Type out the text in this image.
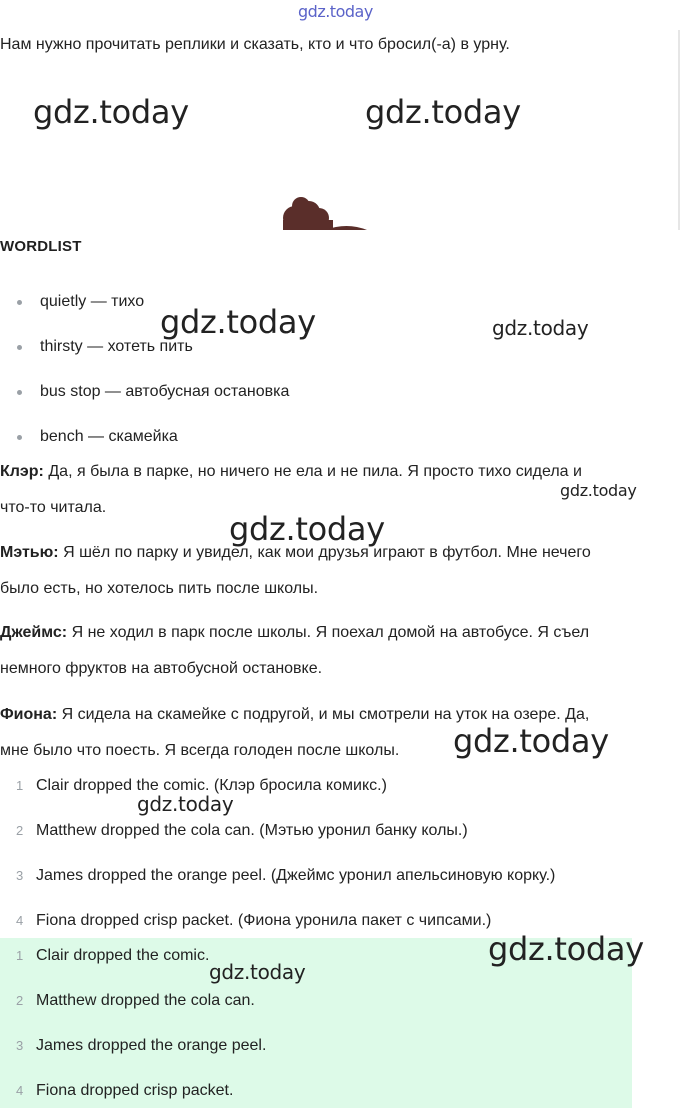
gdz.today
Нам нужно прочитать реплики и сказать, кто и что бросил(-а) в урну.
gdz.today	gdz.today
WORDLIST
quietly — тихо
thirsty — хотеть пить
bus stop — автобусная остановка
bench — скамейка
gdz.today	gdz.today
Клэр: Да, я была в парке, но ничего не ела и не пила. Я просто тихо сидела и
что-то читала.
gdz.today
gdz.today
Мэтью: Я шёл по парку и увидел, как мои друзья играют в футбол. Мне нечего
было есть, но хотелось пить после школы.
Джеймс: Я не ходил в парк после школы. Я поехал домой на автобусе. Я съел
немного фруктов на автобусной остановке.
Фиона: Я сидела на скамейке с подругой, и мы смотрели на уток на озере. Да,
мне было что поесть. Я всегда голоден после школы.	gdz.today
1 Clair dropped the comic. (Клэр бросила комикс.)
2 Matthew dropped the cola can. (Мэтью уронил банку колы.)
3 James dropped the orange peel. (Джеймс уронил апельсиновую корку.)
4 Fiona dropped crisp packet. (Фиона уронила пакет с чипсами.)
gdz.today
1 Clair dropped the comic.
2 Matthew dropped the cola can.
3 James dropped the orange peel.
4 Fiona dropped crisp packet.
gdz.today
gdz.today
